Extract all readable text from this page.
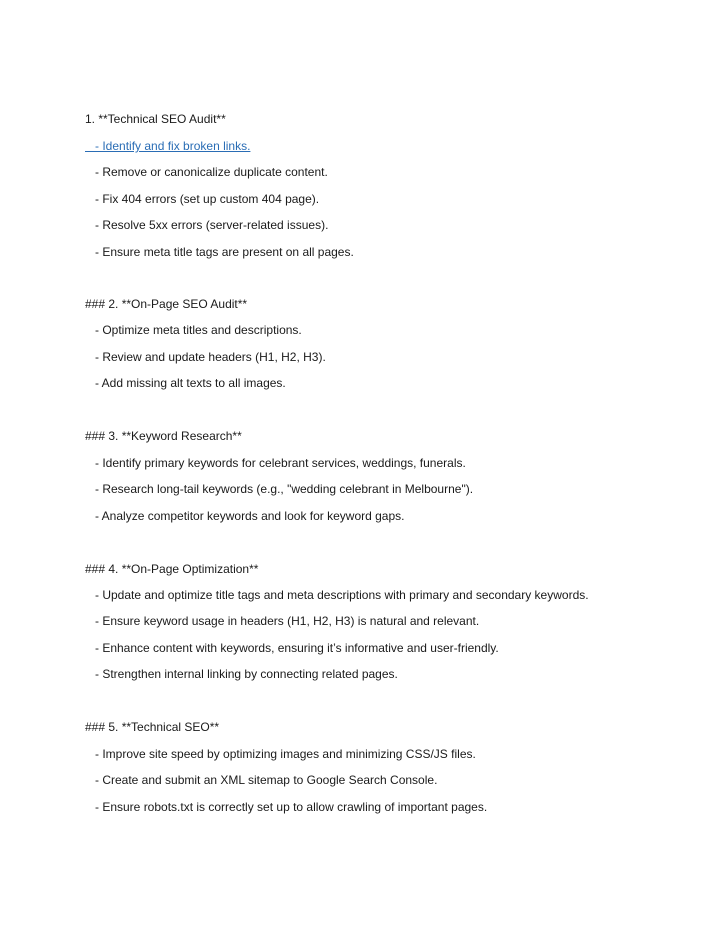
1. **Technical SEO Audit**
- Identify and fix broken links.
- Remove or canonicalize duplicate content.
- Fix 404 errors (set up custom 404 page).
- Resolve 5xx errors (server-related issues).
- Ensure meta title tags are present on all pages.
### 2. **On-Page SEO Audit**
- Optimize meta titles and descriptions.
- Review and update headers (H1, H2, H3).
- Add missing alt texts to all images.
### 3. **Keyword Research**
- Identify primary keywords for celebrant services, weddings, funerals.
- Research long-tail keywords (e.g., "wedding celebrant in Melbourne").
- Analyze competitor keywords and look for keyword gaps.
### 4. **On-Page Optimization**
- Update and optimize title tags and meta descriptions with primary and secondary keywords.
- Ensure keyword usage in headers (H1, H2, H3) is natural and relevant.
- Enhance content with keywords, ensuring it’s informative and user-friendly.
- Strengthen internal linking by connecting related pages.
### 5. **Technical SEO**
- Improve site speed by optimizing images and minimizing CSS/JS files.
- Create and submit an XML sitemap to Google Search Console.
- Ensure robots.txt is correctly set up to allow crawling of important pages.
